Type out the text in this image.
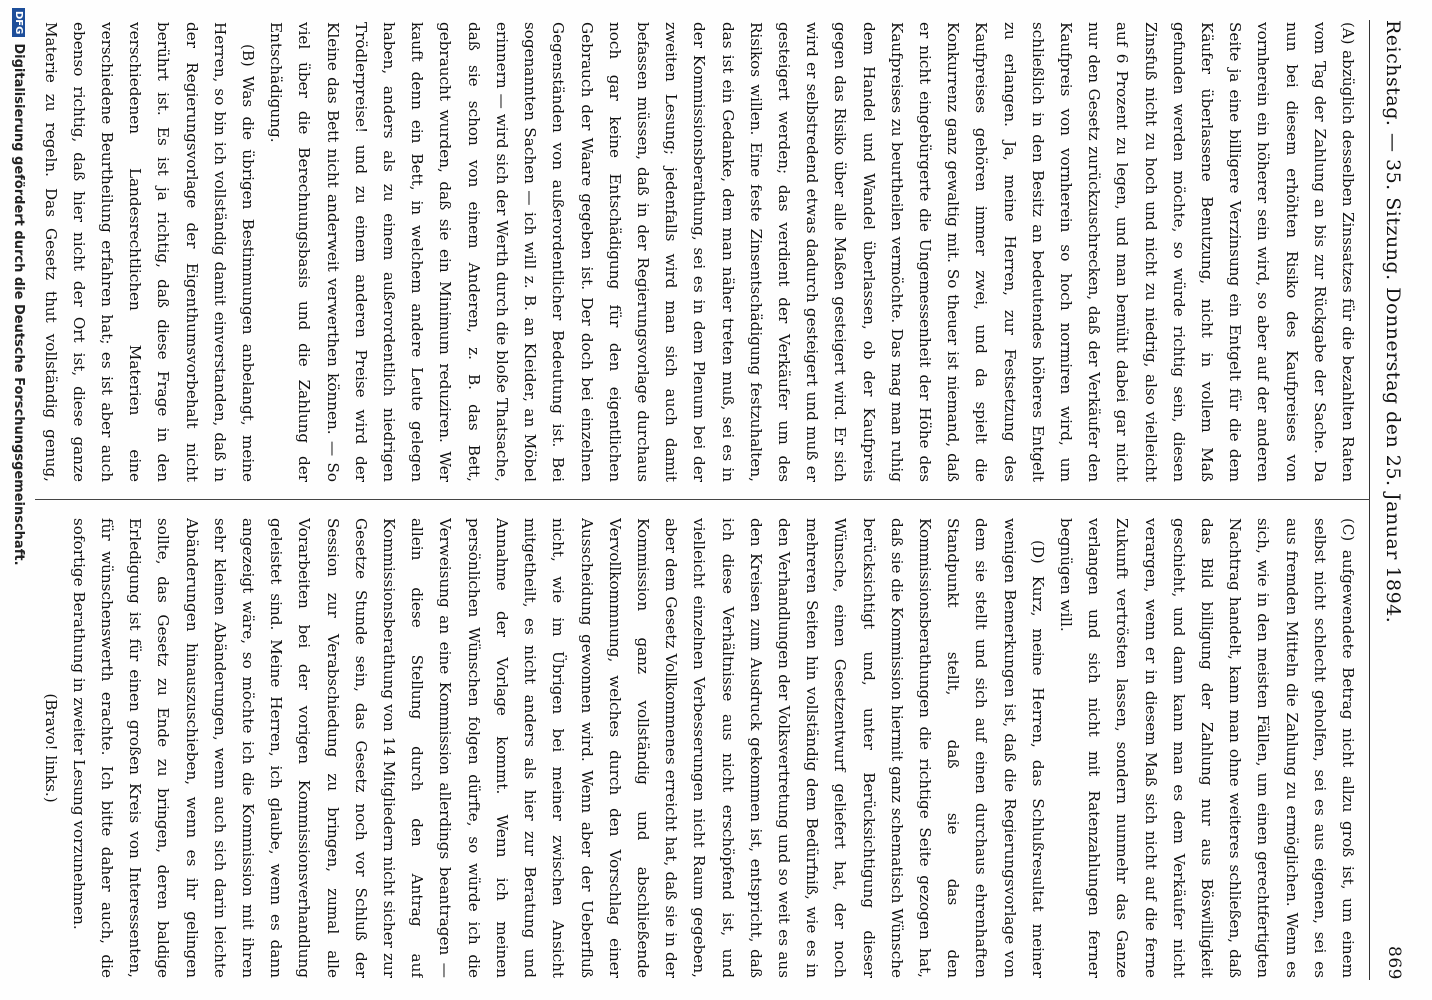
Reichstag. — 35. Sitzung. Donnerstag den 25. Januar 1894.
869

(A) abzüglich desselben Zinssatzes für die bezahlten Raten vom Tag der Zahlung an bis zur Rückgabe der Sache. Da nun bei diesem erhöhten Risiko des Kaufpreises von vornherein ein höherer sein wird, so aber auf der anderen Seite ja eine billigere Verzinsung ein Entgelt für die dem Käufer überlassene Benutzung, nicht in vollem Maß gefunden werden möchte, so würde richtig sein, diesen Zinsfuß nicht zu hoch und nicht zu niedrig, also vielleicht auf 6 Prozent zu legen, und man bemüht dabei gar nicht nur den Gesetz zurückzuschrecken, daß der Verkäufer den Kaufpreis von vornherein so hoch normiren wird, um schließlich in den Besitz an bedeutendes höheres Entgelt zu erlangen. Ja, meine Herren, zur Festsetzung des Kaufpreises gehören immer zwei, und da spielt die Konkurrenz ganz gewaltig mit. So theuer ist niemand, daß er nicht eingebürgerte die Ungemessenheit der Höhe des Kaufpreises zu beurtheilen vermöchte. Das mag man ruhig dem Handel und Wandel überlassen, ob der Kaufpreis gegen das Risiko über alle Maßen gesteigert wird. Er sich wird er selbstredend etwas dadurch gesteigert und muß er gesteigert werden; das verdient der Verkäufer um des Risikos willen. Eine feste Zinsentschädigung festzuhalten, das ist ein Gedanke, dem man näher treten muß, sei es in der Kommissionsberathung, sei es in dem Plenum bei der zweiten Lesung; jedenfalls wird man sich auch damit befassen müssen, daß in der Regierungsvorlage durchaus noch gar keine Entschädigung für den eigentlichen Gebrauch der Waare gegeben ist. Der doch bei einzelnen Gegenständen von außerordentlicher Bedeutung ist. Bei sogenannten Sachen — ich will z. B. an Kleider, an Möbel erinnern — wird sich der Werth durch die bloße Thatsache, daß sie schon von einem Anderen, z. B. das Bett, gebraucht wurden, daß sie ein Minimum reduziren. Wer kauft denn ein Bett, in welchem andere Leute gelegen haben, anders als zu einem außerordentlich niedrigen Trödlerpreise! und zu einem anderen Preise wird der Kleine das Bett nicht anderweit verwerthen können. — So viel über die Berechnungsbasis und die Zahlung der Entschädigung.

(B) Was die übrigen Bestimmungen anbelangt, meine Herren, so bin ich vollständig damit einverstanden, daß in der Regierungsvorlage der Eigenthumsvorbehalt nicht berührt ist. Es ist ja richtig, daß diese Frage in den verschiedenen Landesrechtlichen Materien eine verschiedene Beurtheilung erfahren hat; es ist aber auch ebenso richtig, daß hier nicht der Ort ist, diese ganze Materie zu regeln. Das Gesetz thut vollständig genug,

(C) aufgewendete Betrag nicht allzu groß ist, um einem selbst nicht schlecht geholfen, sei es aus eigenen, sei es aus fremden Mitteln die Zahlung zu ermöglichen. Wenn es sich, wie in den meisten Fällen, um einen gerechtfertigten Nachtrag handelt, kann man ohne weiteres schließen, daß das Bild billigung der Zahlung nur aus Böswilligkeit geschieht, und dann kann man es dem Verkäufer nicht verargen, wenn er in diesem Maß sich nicht auf die ferne Zukunft vertrösten lassen, sondern nunmehr das Ganze verlangen und sich nicht mit Ratenzahlungen ferner begnügen will.

(D) Kurz, meine Herren, das Schlußresultat meiner wenigen Bemerkungen ist, daß die Regierungsvorlage von dem sie stellt und sich auf einen durchaus ehrenhaften Standpunkt stellt, daß sie das den Kommissionsberathungen die richtige Seite gezogen hat, daß sie die Kommission hiermit ganz schematisch Wünsche berücksichtigt und, unter Berücksichtigung dieser Wünsche, einen Gesetzentwurf geliefert hat, der noch mehreren Seiten hin vollständig dem Bedürfniß, wie es in den Verhandlungen der Volksvertretung und so weit es aus den Kreisen zum Ausdruck gekommen ist, entspricht, daß ich diese Verhältnisse aus nicht erschöpfend ist, und vielleicht einzelnen Verbesserungen nicht Raum gegeben, aber dem Gesetz Vollkommenes erreicht hat, daß sie in der Kommission ganz vollständig und abschließende Vervollkommnung, welches durch den Vorschlag einer Ausscheidung gewonnen wird. Wenn aber der Ueberfluß nicht, wie im Übrigen bei meiner zwischen Ansicht mitgetheilt, es nicht anders als hier zur Beratung und Annahme der Vorlage kommt. Wenn ich meinen persönlichen Wünschen folgen dürfte, so würde ich die Verweisung an eine Kommission allerdings beantragen — allein diese Stellung durch den Antrag auf Kommissionsberathung von 14 Mitgliedern nicht sicher zur Gesetze Stunde sein, das Gesetz noch vor Schluß der Session zur Verabschiedung zu bringen, zumal alle Vorarbeiten bei der vorigen Kommissionsverhandlung geleistet sind. Meine Herren, ich glaube, wenn es dann angezeigt wäre, so möchte ich die Kommission mit ihren sehr kleinen Abänderungen, wenn auch sich darin leichte Abänderungen hinauszuschieben, wenn es ihr gelingen sollte, das Gesetz zu Ende zu bringen, deren baldige Erledigung ist für einen großen Kreis von Interessenten, für wünschenswerth erachte. Ich bitte daher auch, die sofortige Berathung in zweiter Lesung vorzunehmen.

(Bravo! links.)

DFGDigitalisierung gefördert durch die Deutsche Forschungsgemeinschaft.
